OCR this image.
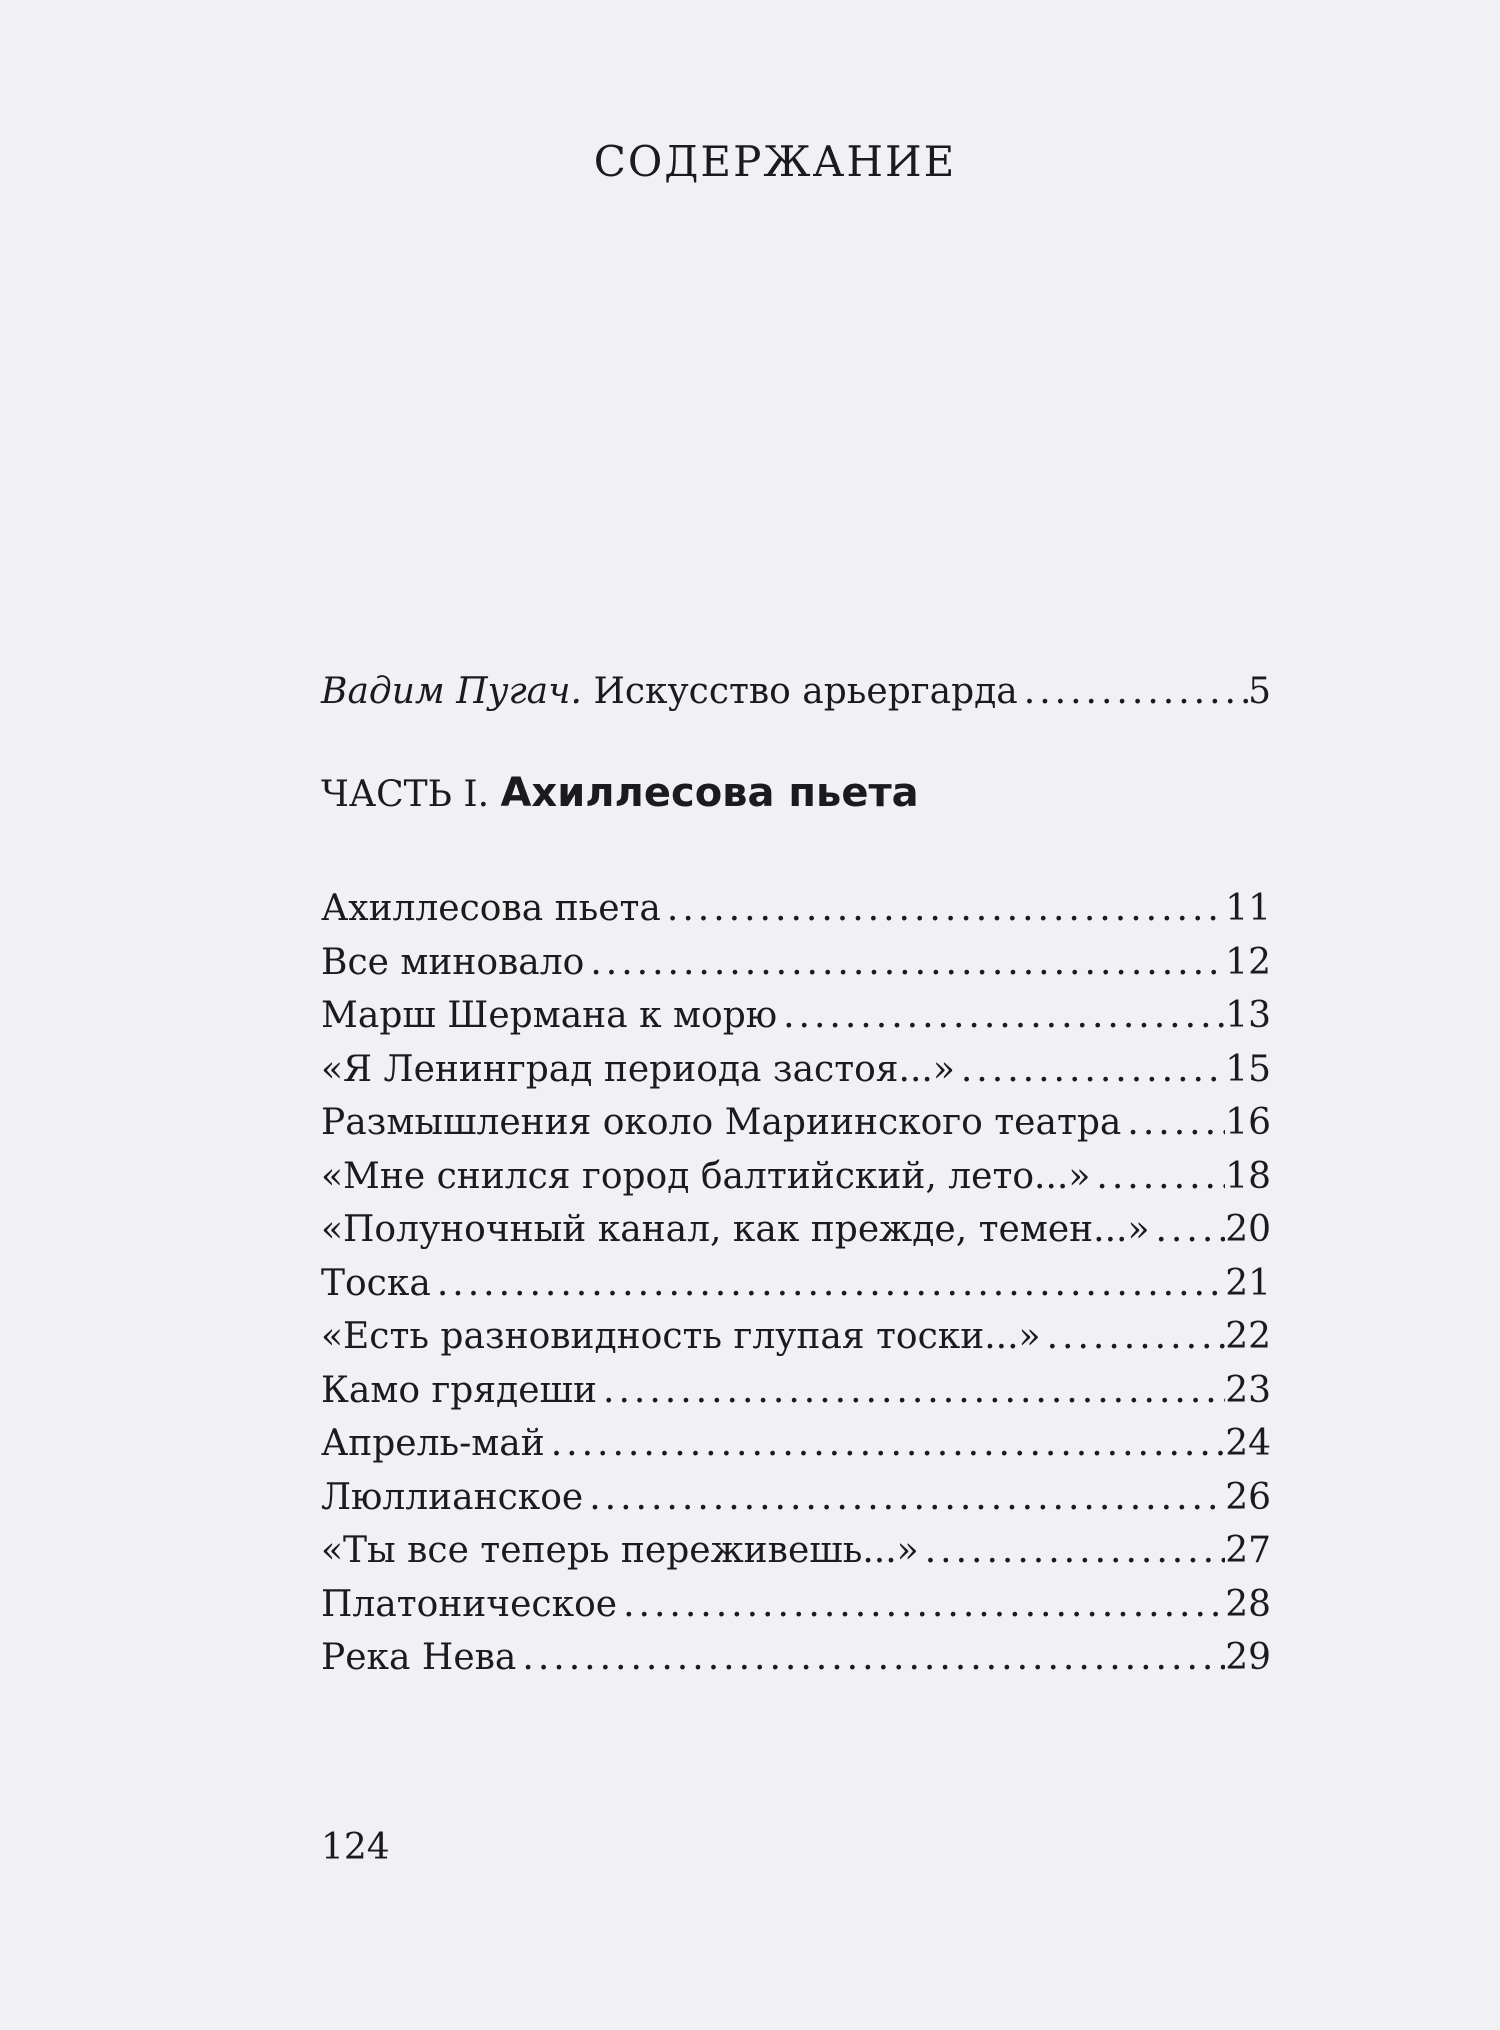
СОДЕРЖАНИЕ
Вадим Пугач. Искусство арьергарда .....	5
ЧАСТЬ I. Ахиллесова пьета
Ахиллесова пьета .....	11
Все миновало .....	12
Марш Шермана к морю .....	13
«Я Ленинград периода застоя...» .....	15
Размышления около Мариинского театра .....	16
«Мне снился город балтийский, лето...» .....	18
«Полуночный канал, как прежде, темен...» ..... 20
Тоска .....	21
«Есть разновидность глупая тоски...» .....	22
Камо грядеши .....	23
Апрель-май .....	24
Люллианское .....	26
«Ты все теперь переживешь...» .....	27
Платоническое .....	28
Река Нева .....	29
124
